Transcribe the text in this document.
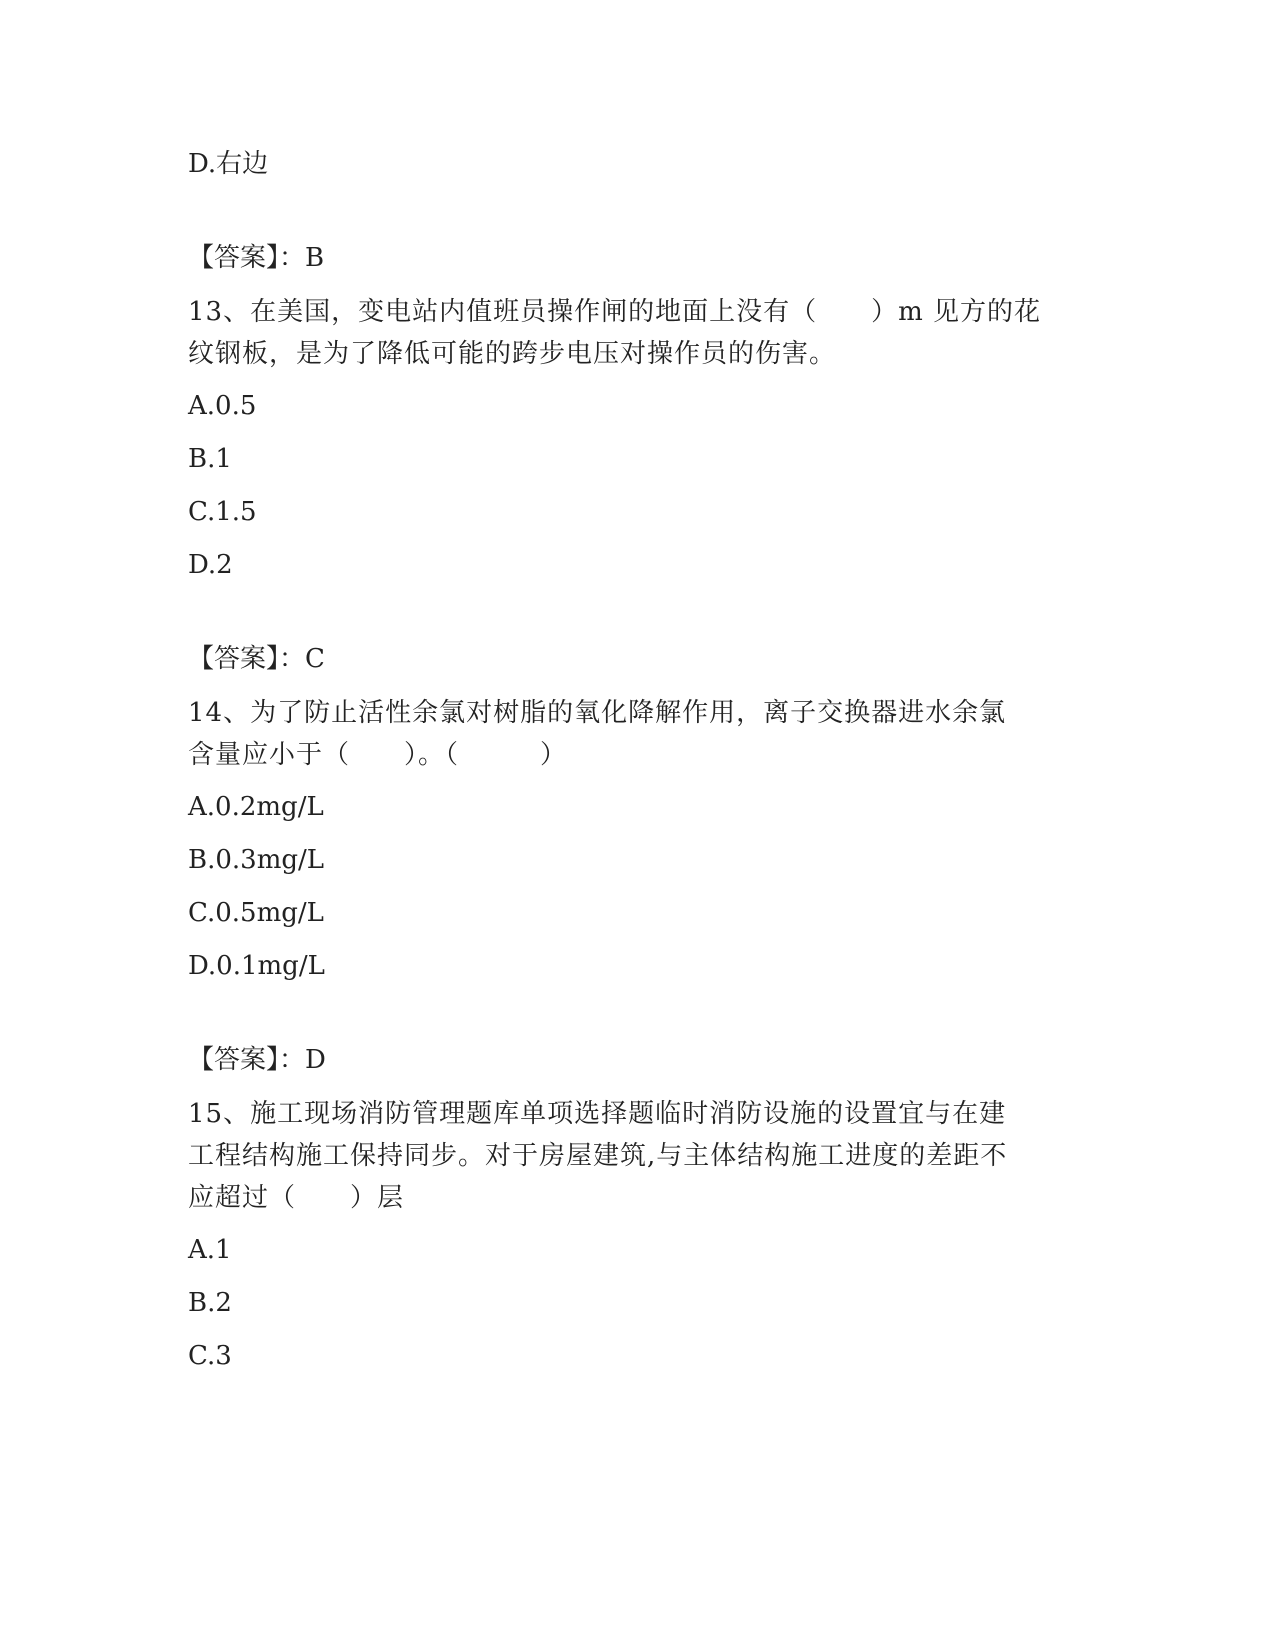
D.右边
【答案】：B
13、在美国，变电站内值班员操作闸的地面上没有（　　）m 见方的花
纹钢板，是为了降低可能的跨步电压对操作员的伤害。
A.0.5
B.1
C.1.5
D.2
【答案】：C
14、为了防止活性余氯对树脂的氧化降解作用，离子交换器进水余氯
含量应小于（　　）。（　　　）
A.0.2mg/L
B.0.3mg/L
C.0.5mg/L
D.0.1mg/L
【答案】：D
15、施工现场消防管理题库单项选择题临时消防设施的设置宜与在建
工程结构施工保持同步。对于房屋建筑,与主体结构施工进度的差距不
应超过（　　）层
A.1
B.2
C.3
